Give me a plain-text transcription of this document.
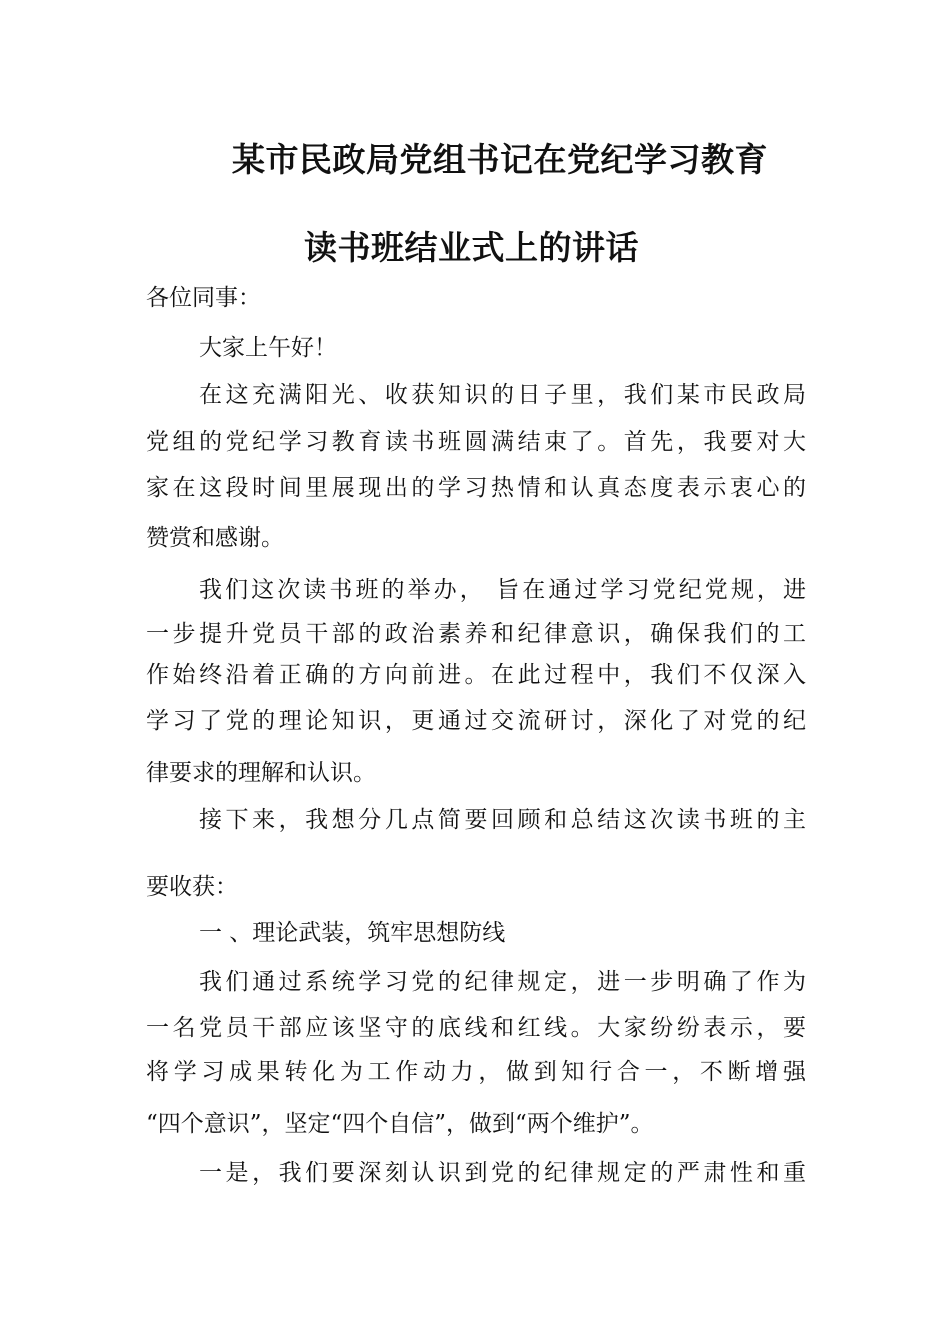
某市民政局党组书记在党纪学习教育
读书班结业式上的讲话

各位同事：

大家上午好！

在这充满阳光、收获知识的日子里，我们某市民政局

党组的党纪学习教育读书班圆满结束了。首先，我要对大

家在这段时间里展现出的学习热情和认真态度表示衷心的

赞赏和感谢。

我们这次读书班的举办， 旨在通过学习党纪党规，进

一步提升党员干部的政治素养和纪律意识，确保我们的工

作始终沿着正确的方向前进。在此过程中，我们不仅深入

学习了党的理论知识，更通过交流研讨，深化了对党的纪

律要求的理解和认识。

接下来，我想分几点简要回顾和总结这次读书班的主

要收获：

一 、理论武装，筑牢思想防线

我们通过系统学习党的纪律规定，进一步明确了作为

一名党员干部应该坚守的底线和红线。大家纷纷表示，要

将学习成果转化为工作动力，做到知行合一，不断增强

“四个意识”，坚定“四个自信”，做到“两个维护”。

一是，我们要深刻认识到党的纪律规定的严肃性和重
